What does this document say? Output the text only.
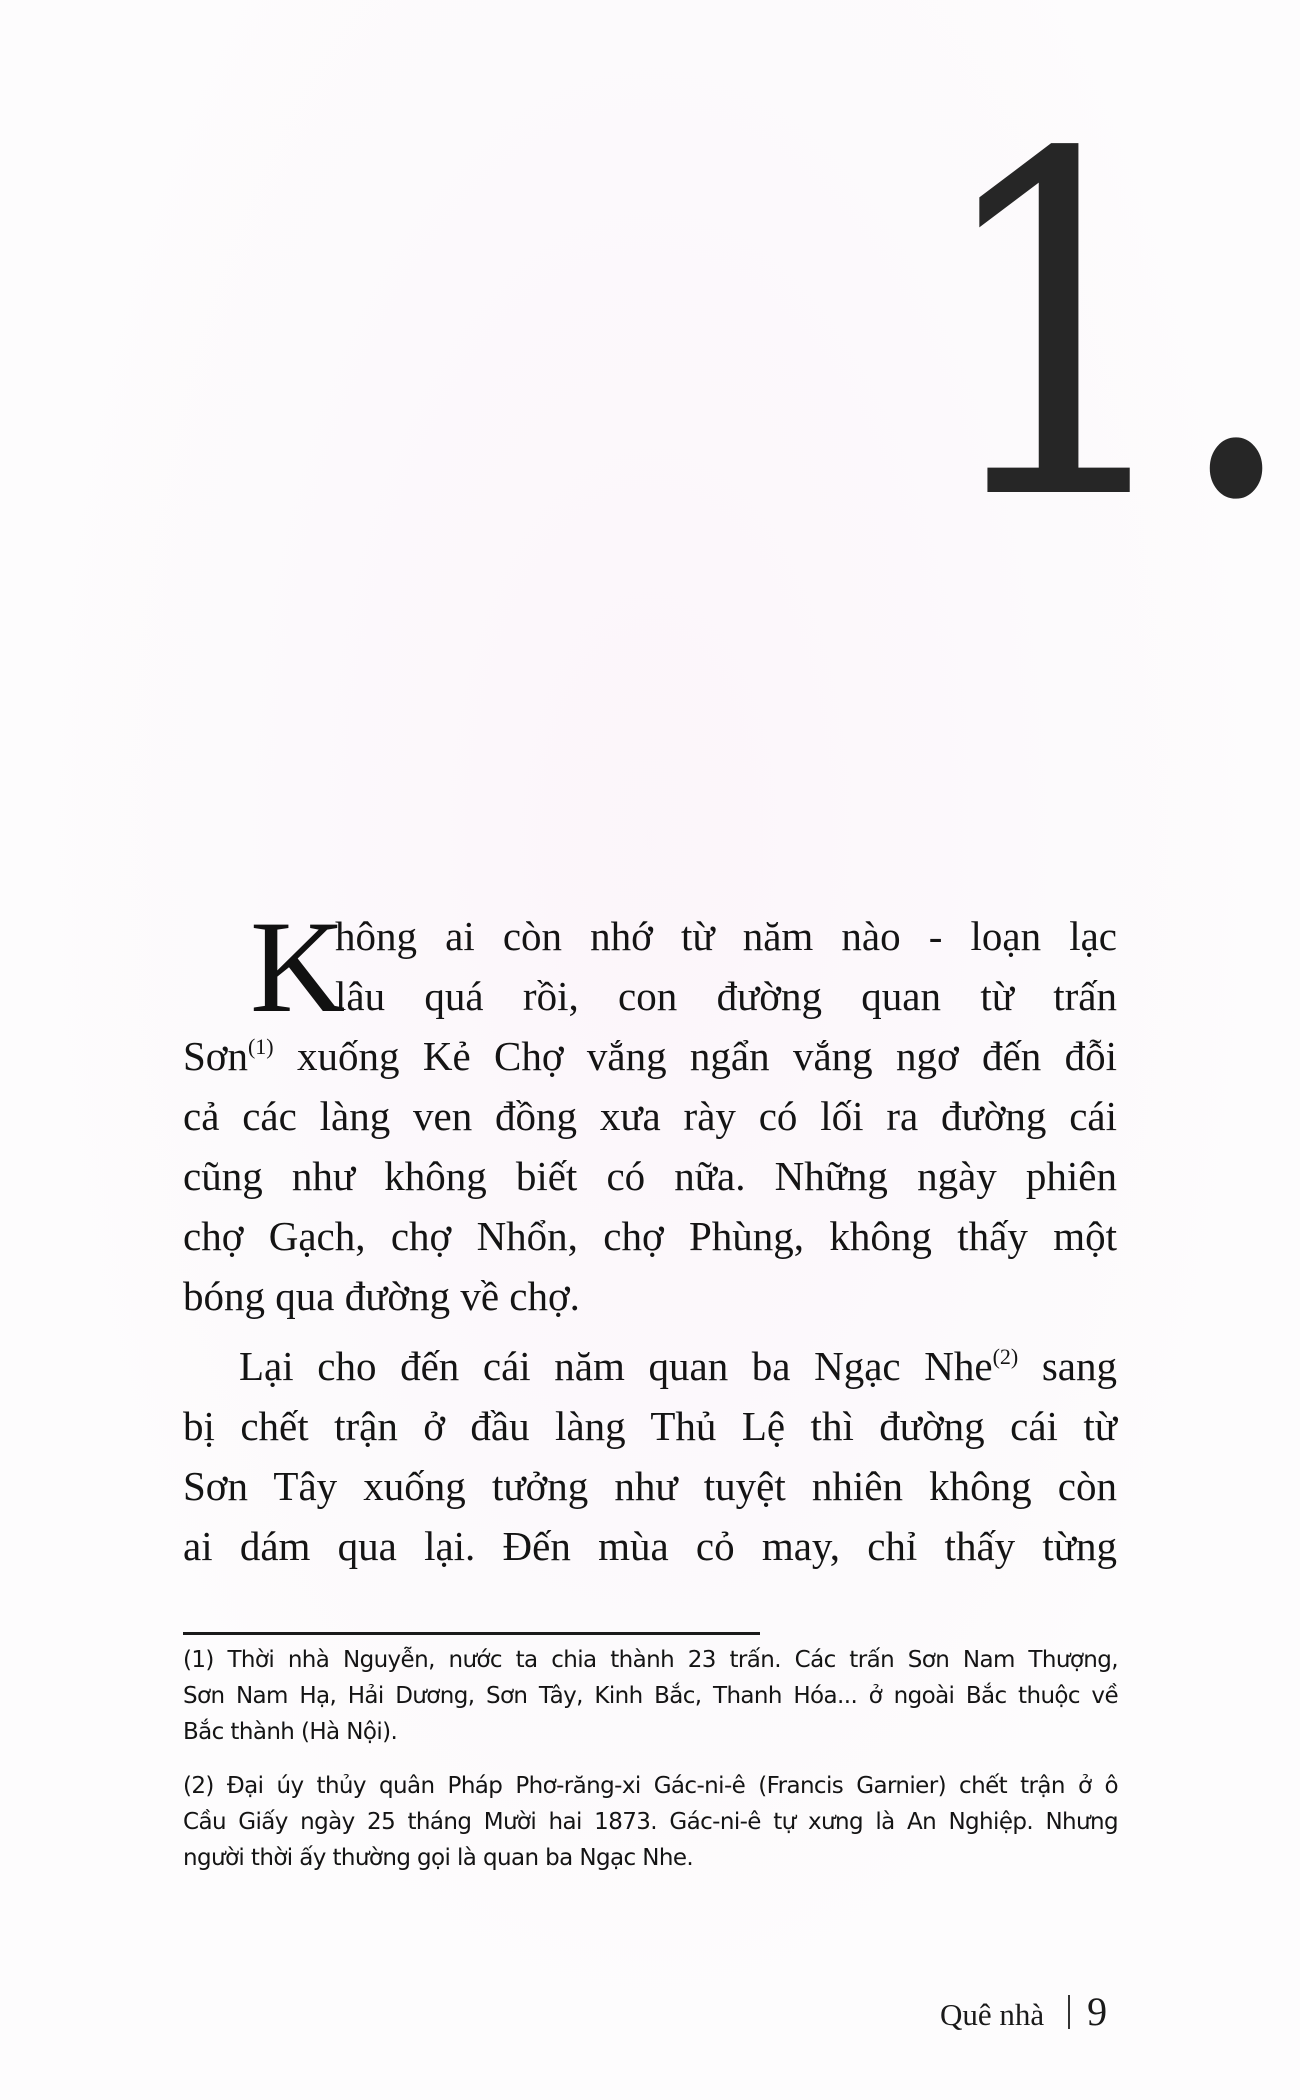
1.
K
hông ai còn nhớ từ năm nào - loạn lạc
lâu quá rồi, con đường quan từ trấn
Sơn$^{(1)}$ xuống Kẻ Chợ vắng ngẩn vắng ngơ đến đỗi
cả các làng ven đồng xưa rày có lối ra đường cái
cũng như không biết có nữa. Những ngày phiên
chợ Gạch, chợ Nhổn, chợ Phùng, không thấy một
bóng qua đường về chợ.
Lại cho đến cái năm quan ba Ngạc Nhe$^{(2)}$ sang
bị chết trận ở đầu làng Thủ Lệ thì đường cái từ
Sơn Tây xuống tưởng như tuyệt nhiên không còn
ai dám qua lại. Đến mùa cỏ may, chỉ thấy từng
(1) Thời nhà Nguyễn, nước ta chia thành 23 trấn. Các trấn Sơn Nam Thượng,
Sơn Nam Hạ, Hải Dương, Sơn Tây, Kinh Bắc, Thanh Hóa... ở ngoài Bắc thuộc về
Bắc thành (Hà Nội).
(2) Đại úy thủy quân Pháp Phơ-răng-xi Gác-ni-ê (Francis Garnier) chết trận ở ô
Cầu Giấy ngày 25 tháng Mười hai 1873. Gác-ni-ê tự xưng là An Nghiệp. Nhưng
người thời ấy thường gọi là quan ba Ngạc Nhe.
Quê nhà 9
